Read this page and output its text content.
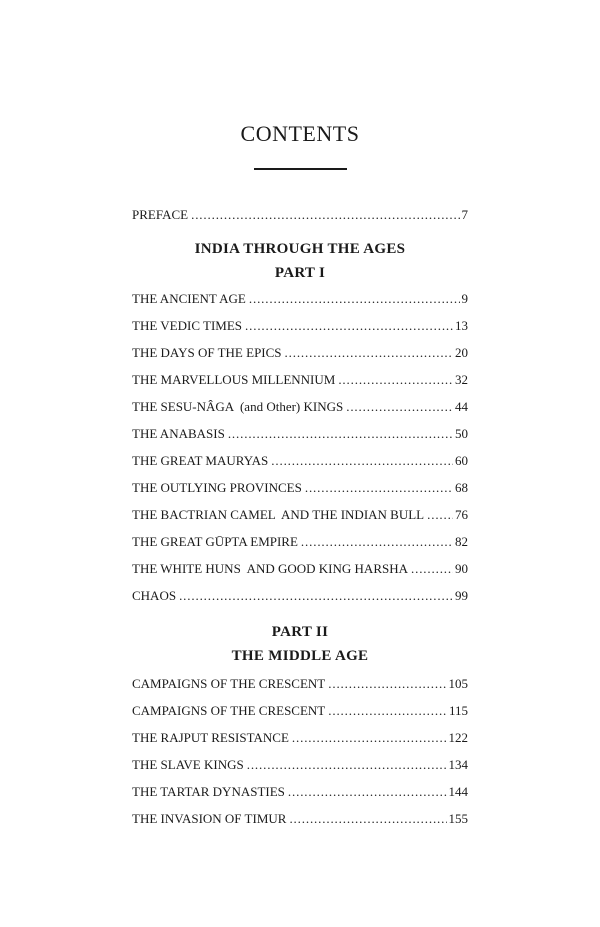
CONTENTS
PREFACE . . .	7
INDIA THROUGH THE AGES
PART I
THE ANCIENT AGE . . .	9
THE VEDIC TIMES . . .	13
THE DAYS OF THE EPICS . . .	20
THE MARVELLOUS MILLENNIUM . . .	32
THE SESU-NÂGA  (and Other) KINGS . . .	44
THE ANABASIS . . .	50
THE GREAT MAURYAS . . .	60
THE OUTLYING PROVINCES . . .	68
THE BACTRIAN CAMEL  AND THE INDIAN BULL . . . 76
THE GREAT GŪPTA EMPIRE . . .	82
THE WHITE HUNS  AND GOOD KING HARSHA . . .	90
CHAOS . . .	99
PART II
THE MIDDLE AGE
CAMPAIGNS OF THE CRESCENT . . .	105
CAMPAIGNS OF THE CRESCENT . . .	115
THE RAJPUT RESISTANCE . . .	122
THE SLAVE KINGS . . .	134
THE TARTAR DYNASTIES . . .	144
THE INVASION OF TIMUR . . .	155
